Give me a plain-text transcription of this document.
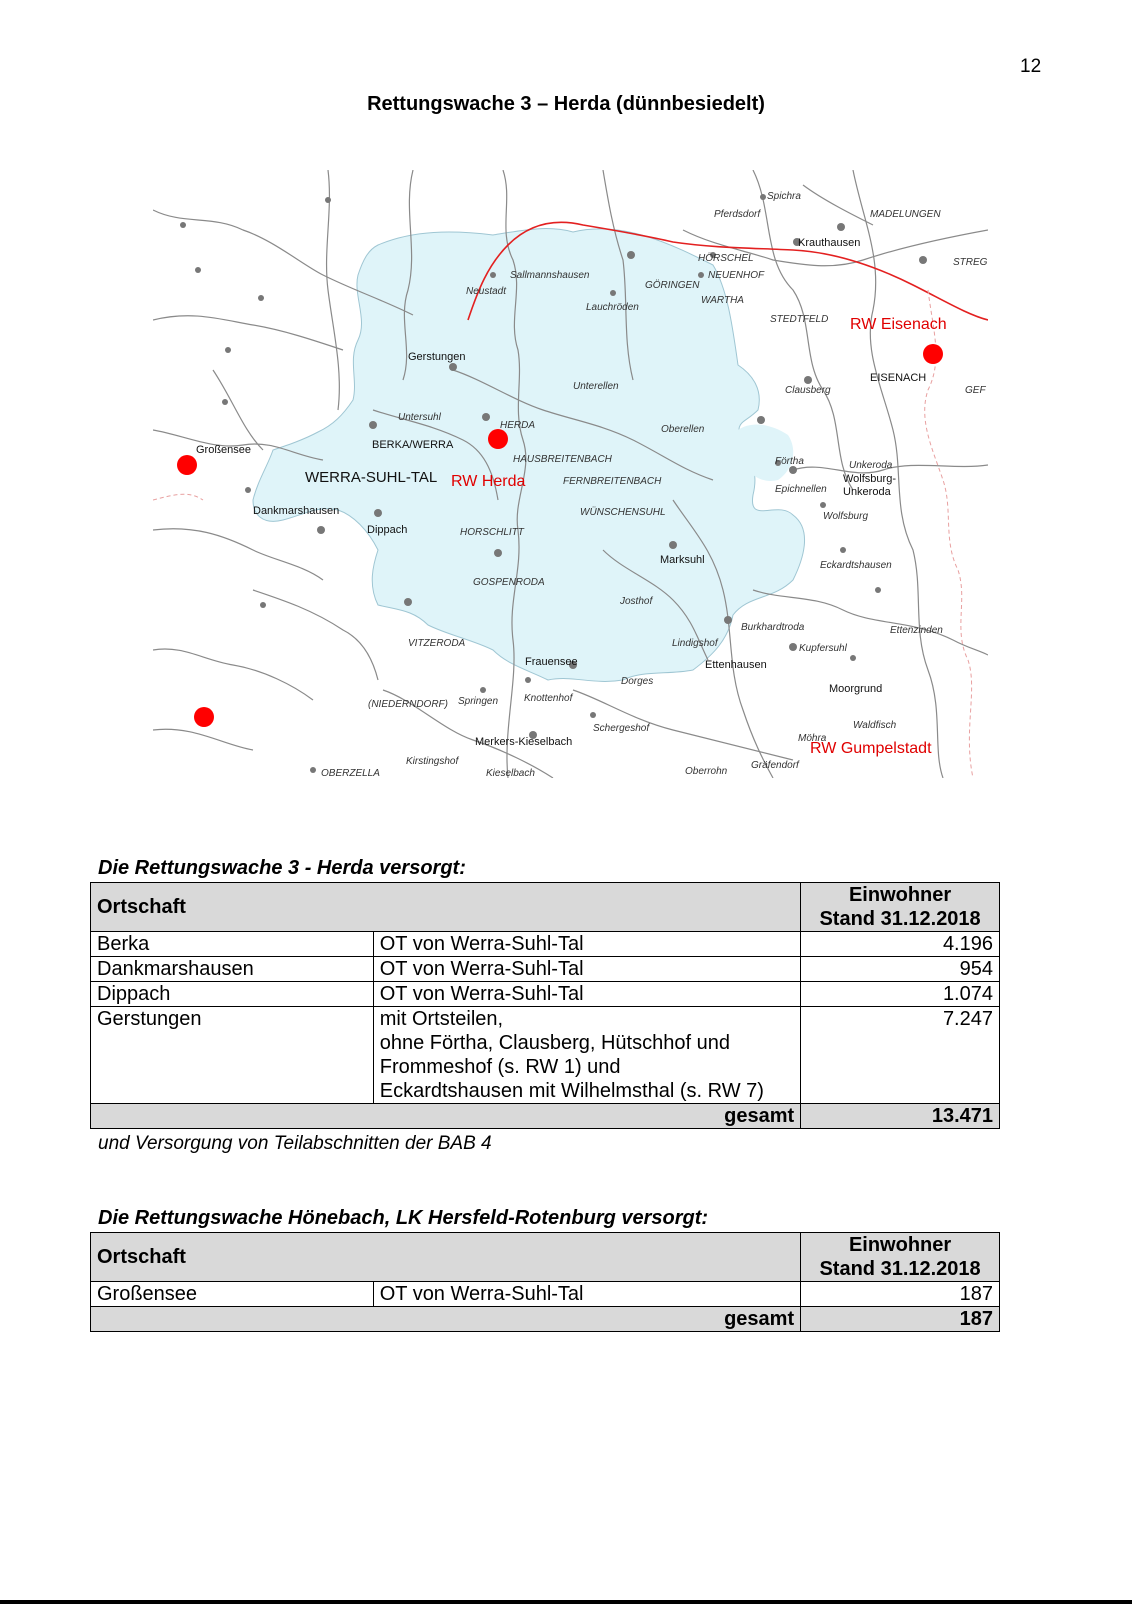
12
Rettungswache 3 – Herda (dünnbesiedelt)
Spichra
Pferdsdorf	MADELUNGEN
Sallmannshausen
HÖRSCHEL
NEUENHOF
STREG
Neustadt
GÖRINGEN
WARTHA
Lauchröden
STEDTFELD
Unterellen	Clausberg	GEF
Untersuhl
HERDA	Oberellen
HAUSBREITENBACH	Förtha	Unkeroda
FERNBREITENBACH
Epichnellen
WÜNSCHENSUHL	Wolfsburg
HORSCHLITT
Eckardtshausen
GOSPENRODA
Josthof
Burkhardtroda	Ettenzinden
VITZERODA	Lindigshof	Kupfersuhl
Dorges
(NIEDERNDORF) Springen	Knottenhof
Waldfisch
Schergeshof
Möhra
Kirstingshof
OBERZELLA	Kieselbach	Oberrohn
Gräfendorf
Krauthausen
Gerstungen
EISENACH
Großensee	BERKA/WERRA
Wolfsburg-
Unkeroda
Dankmarshausen
Dippach
Marksuhl
Frauensee	Ettenhausen
Moorgrund
Merkers-Kieselbach
WERRA-SUHL-TAL RW Herda
RW Eisenach
RW Gumpelstadt
Die Rettungswache 3 - Herda versorgt:
Ortschaft		Einwohner
Stand 31.12.2018
Berka	OT von Werra-Suhl-Tal	4.196
Dankmarshausen	OT von Werra-Suhl-Tal	954
Dippach	OT von Werra-Suhl-Tal	1.074
Gerstungen	mit Ortsteilen,
ohne Förtha, Clausberg, Hütschhof und
Frommeshof (s. RW 1) und
Eckardtshausen mit Wilhelmsthal (s. RW 7)	7.247
gesamt		13.471
und Versorgung von Teilabschnitten der BAB 4
Die Rettungswache Hönebach, LK Hersfeld-Rotenburg versorgt:
Ortschaft		Einwohner
Stand 31.12.2018
Großensee	OT von Werra-Suhl-Tal	187
gesamt		187
